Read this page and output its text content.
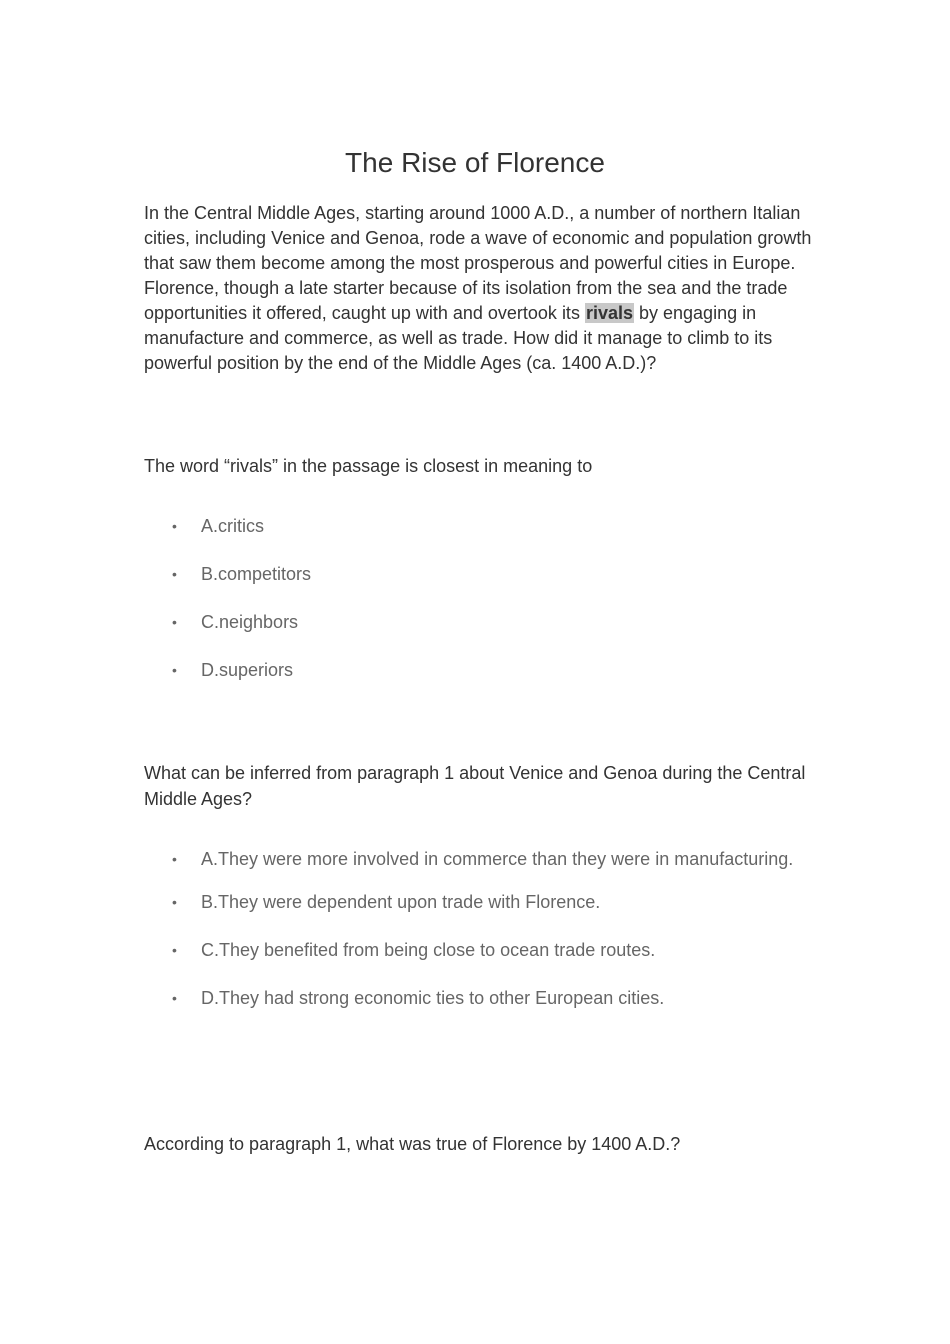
The Rise of Florence

In the Central Middle Ages, starting around 1000 A.D., a number of northern Italian cities, including Venice and Genoa, rode a wave of economic and population growth that saw them become among the most prosperous and powerful cities in Europe. Florence, though a late starter because of its isolation from the sea and the trade opportunities it offered, caught up with and overtook its rivals by engaging in manufacture and commerce, as well as trade. How did it manage to climb to its powerful position by the end of the Middle Ages (ca. 1400 A.D.)?

The word “rivals” in the passage is closest in meaning to

• A.critics
• B.competitors
• C.neighbors
• D.superiors

What can be inferred from paragraph 1 about Venice and Genoa during the Central Middle Ages?

• A.They were more involved in commerce than they were in manufacturing.
• B.They were dependent upon trade with Florence.
• C.They benefited from being close to ocean trade routes.
• D.They had strong economic ties to other European cities.

According to paragraph 1, what was true of Florence by 1400 A.D.?
